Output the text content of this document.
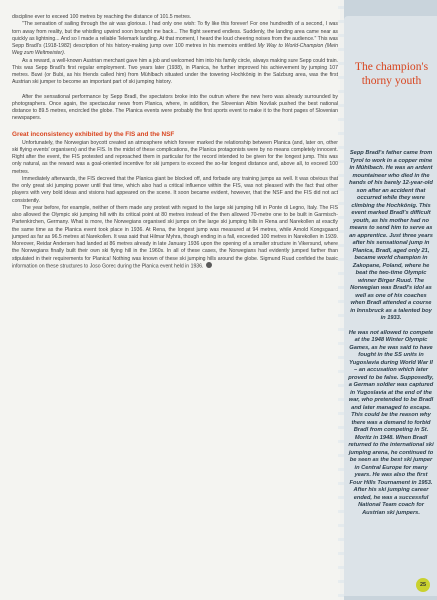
discipline ever to exceed 100 metres by reaching the distance of 101.5 metres.

"The sensation of sailing through the air was glorious. I had only one wish: To fly like this forever! For one hundredth of a second, I was torn away from reality, but the whistling upwind soon brought me back... The flight seemed endless. Suddenly, the landing area came near as quickly as lightning... And so I made a reliable Telemark landing. At that moment, I heard the loud cheering noises from the audience." This was Sepp Bradl's (1918-1982) description of his history-making jump over 100 metres in his memoirs entitled My Way to World-Champion (Mein Weg zum Weltmeister).

As a reward, a well-known Austrian merchant gave him a job and welcomed him into his family circle, always making sure Sepp could train. This was Sepp Bradl's first regular employment. Two years later (1938), in Planica, he further improved his achievement by jumping 107 metres. Buwi (or Bubi, as his friends called him) from Mühlbach situated under the towering Hochkönig in the Salzburg area, was the first Austrian ski jumper to become an important part of ski jumping history.

After the sensational performance by Sepp Bradl, the spectators broke into the outrun where the new hero was already surrounded by photographers. Once again, the spectacular news from Planica, where, in addition, the Slovenian Albin Novšak pushed the best national distance to 89.5 metres, encircled the globe. The Planica events were probably the first sports event to make it to the front pages of Slovenian newspapers.

Great inconsistency exhibited by the FIS and the NSF

Unfortunately, the Norwegian boycott created an atmosphere which forever marked the relationship between Planica (and, later on, other ski flying events' organisers) and the FIS. In the midst of these complications, the Planica protagonists were by no means completely innocent. Right after the event, the FIS protested and reproached them in particular for the record intended to be given for the longest jump. This was only natural, as the reward was a goal-oriented incentive for ski jumpers to exceed the so-far longest distance and, above all, to exceed 100 metres.

Immediately afterwards, the FIS decreed that the Planica giant be blocked off, and forbade any training jumps as well. It was obvious that the only great ski jumping power until that time, which also had a critical influence within the FIS, was not pleased with the fact that other players with very bold ideas and visions had appeared on the scene. It soon became evident, however, that the NSF and the FIS did not act consistently.

The year before, for example, neither of them made any protest with regard to the large ski jumping hill in Ponte di Legno, Italy. The FIS also allowed the Olympic ski jumping hill with its critical point at 80 metres instead of the then allowed 70-metre one to be built in Garmisch-Partenkirchen, Germany. What is more, the Norwegians organised ski jumps on the large ski jumping hills in Rena and Narekollen at exactly the same time as the Planica event took place in 1936. At Rena, the longest jump was measured at 94 metres, while Arnold Kongsgaard jumped as far as 96.5 metres at Narekollen. It was said that Hilmar Myhra, though ending in a fall, exceeded 100 metres in Narekollen in 1939. Moreover, Reidar Andersen had landed at 86 metres already in late January 1936 upon the opening of a smaller structure in Vikersund, where the Norwegians finally built their own ski flying hill in the 1960s. In all of these cases, the Norwegians had evidently jumped farther than stipulated in their requirements for Planica! Nothing was known of these ski jumping hills around the globe. Sigmund Ruud confided the basic information on these structures to Joso Gorec during the Planica event held in 1936.

The champion's thorny youth

Sepp Bradl's father came from Tyrol to work in a copper mine in Mühlbach. He was an ardent mountaineer who died in the hands of his barely 12-year-old son after an accident that occurred while they were climbing the Hochkönig. This event marked Bradl's difficult youth, as his mother had no means to send him to serve as an apprentice. Just three years after his sensational jump in Planica, Bradl, aged only 21, became world champion in Zakopane, Poland, where he beat the two-time Olympic winner Birger Ruud. The Norwegian was Bradl's idol as well as one of his coaches when Bradl attended a course in Innsbruck as a talented boy in 1933.

He was not allowed to compete at the 1948 Winter Olympic Games, as he was said to have fought in the SS units in Yugoslavia during World War II – an accusation which later proved to be false. Supposedly, a German soldier was captured in Yugoslavia at the end of the war, who pretended to be Bradl and later managed to escape. This could be the reason why there was a demand to forbid Bradl from competing in St. Moritz in 1948. When Bradl returned to the international ski jumping arena, he continued to be seen as the best ski jumper in Central Europe for many years. He was also the first Four Hills Tournament in 1953. After his ski jumping career ended, he was a successful National Team coach for Austrian ski jumpers.

25
